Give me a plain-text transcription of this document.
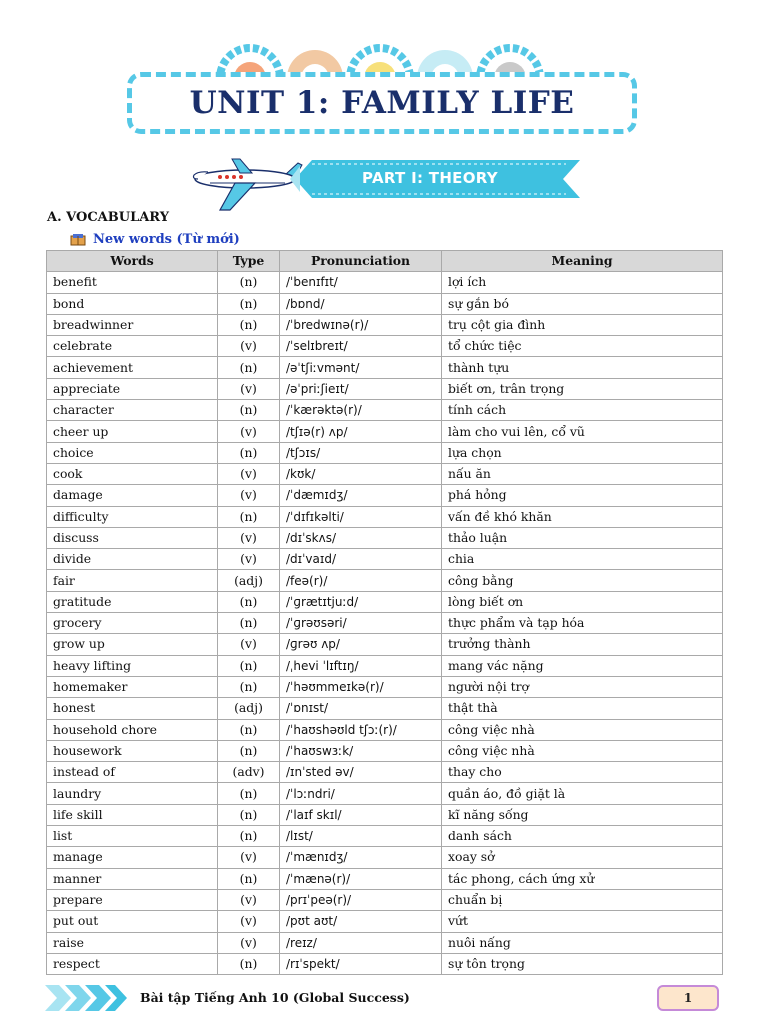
UNIT 1: FAMILY LIFE
PART I: THEORY
A. VOCABULARY
New words (Từ mới)
Words	Type	Pronunciation	Meaning
benefit	(n)	/ˈbenɪfɪt/	lợi ích
bond	(n)	/bɒnd/	sự gắn bó
breadwinner	(n)	/ˈbredwɪnə(r)/	trụ cột gia đình
celebrate	(v)	/ˈselɪbreɪt/	tổ chức tiệc
achievement	(n)	/əˈtʃiːvmənt/	thành tựu
appreciate	(v)	/əˈpriːʃieɪt/	biết ơn, trân trọng
character	(n)	/ˈkærəktə(r)/	tính cách
cheer up	(v)	/tʃɪə(r) ʌp/	làm cho vui lên, cổ vũ
choice	(n)	/tʃɔɪs/	lựa chọn
cook	(v)	/kʊk/	nấu ăn
damage	(v)	/ˈdæmɪdʒ/	phá hỏng
difficulty	(n)	/ˈdɪfɪkəlti/	vấn đề khó khăn
discuss	(v)	/dɪˈskʌs/	thảo luận
divide	(v)	/dɪˈvaɪd/	chia
fair	(adj)	/feə(r)/	công bằng
gratitude	(n)	/ˈɡrætɪtjuːd/	lòng biết ơn
grocery	(n)	/ˈɡrəʊsəri/	thực phẩm và tạp hóa
grow up	(v)	/ɡrəʊ ʌp/	trưởng thành
heavy lifting	(n)	/ˌhevi ˈlɪftɪŋ/	mang vác nặng
homemaker	(n)	/ˈhəʊmmeɪkə(r)/	người nội trợ
honest	(adj)	/ˈɒnɪst/	thật thà
household chore	(n)	/ˈhaʊshəʊld tʃɔː(r)/	công việc nhà
housework	(n)	/ˈhaʊswɜːk/	công việc nhà
instead of	(adv)	/ɪnˈsted əv/	thay cho
laundry	(n)	/ˈlɔːndri/	quần áo, đồ giặt là
life skill	(n)	/ˈlaɪf skɪl/	kĩ năng sống
list	(n)	/lɪst/	danh sách
manage	(v)	/ˈmænɪdʒ/	xoay sở
manner	(n)	/ˈmænə(r)/	tác phong, cách ứng xử
prepare	(v)	/prɪˈpeə(r)/	chuẩn bị
put out	(v)	/pʊt aʊt/	vứt
raise	(v)	/reɪz/	nuôi nấng
respect	(n)	/rɪˈspekt/	sự tôn trọng
Bài tập Tiếng Anh 10 (Global Success)	1
